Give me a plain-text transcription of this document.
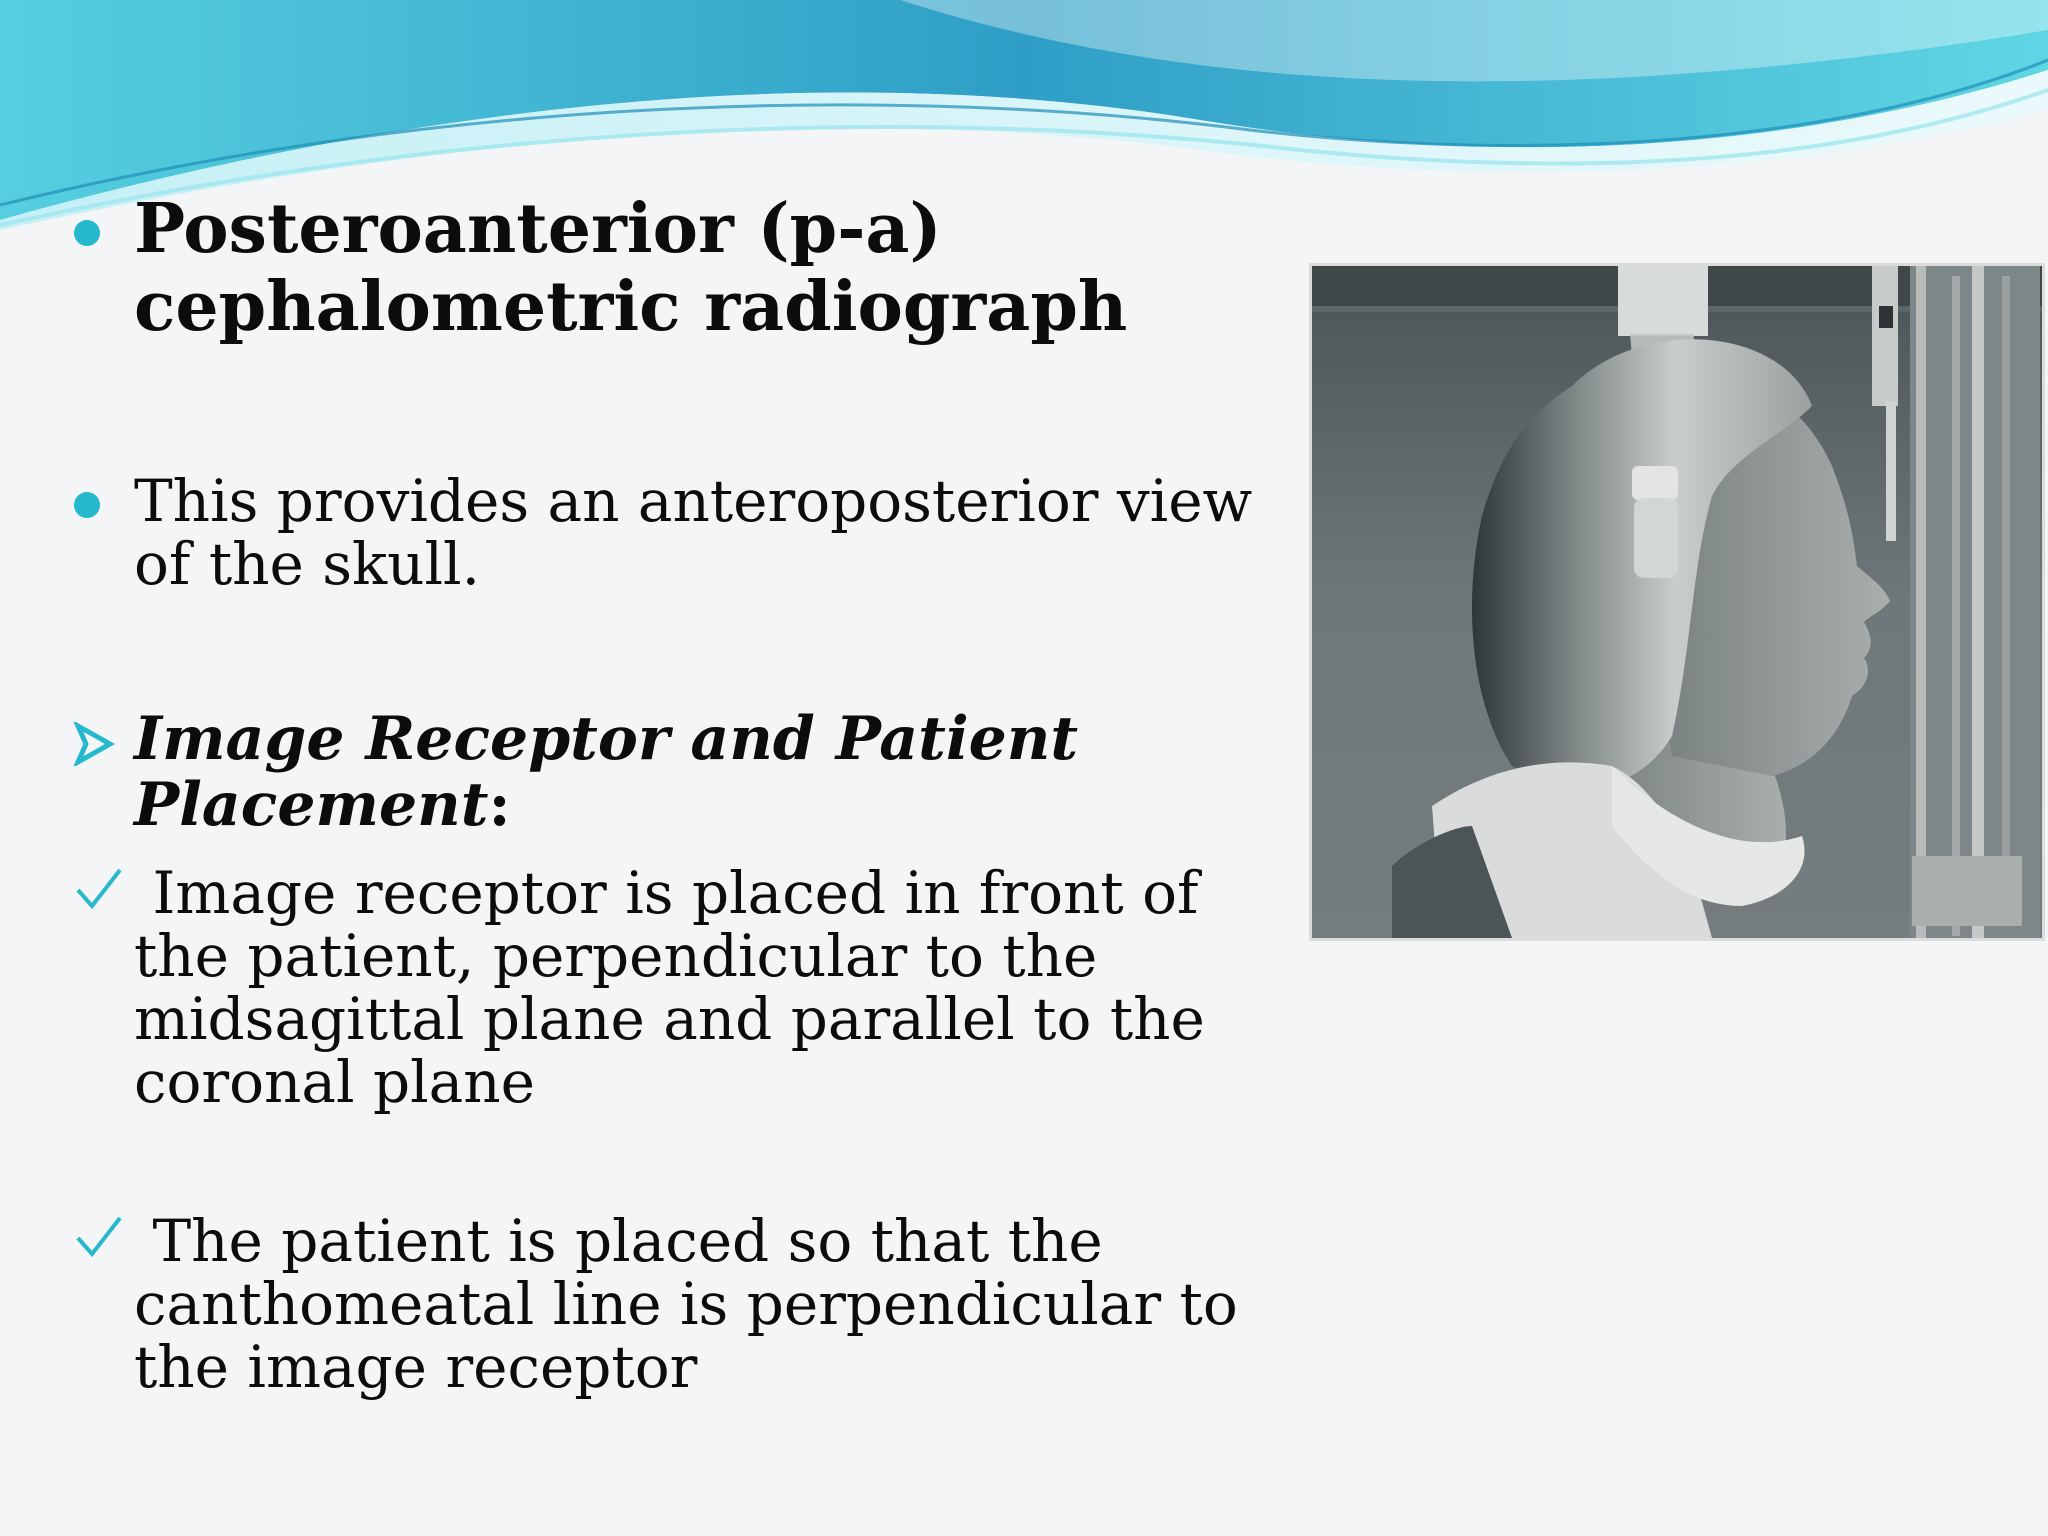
Posteroanterior (p-a) cephalometric radiograph
This provides an anteroposterior view of the skull.
Image Receptor and Patient Placement:
Image receptor is placed in front of the patient, perpendicular to the midsagittal plane and parallel to the coronal plane
The patient is placed so that the canthomeatal line is perpendicular to the image receptor
